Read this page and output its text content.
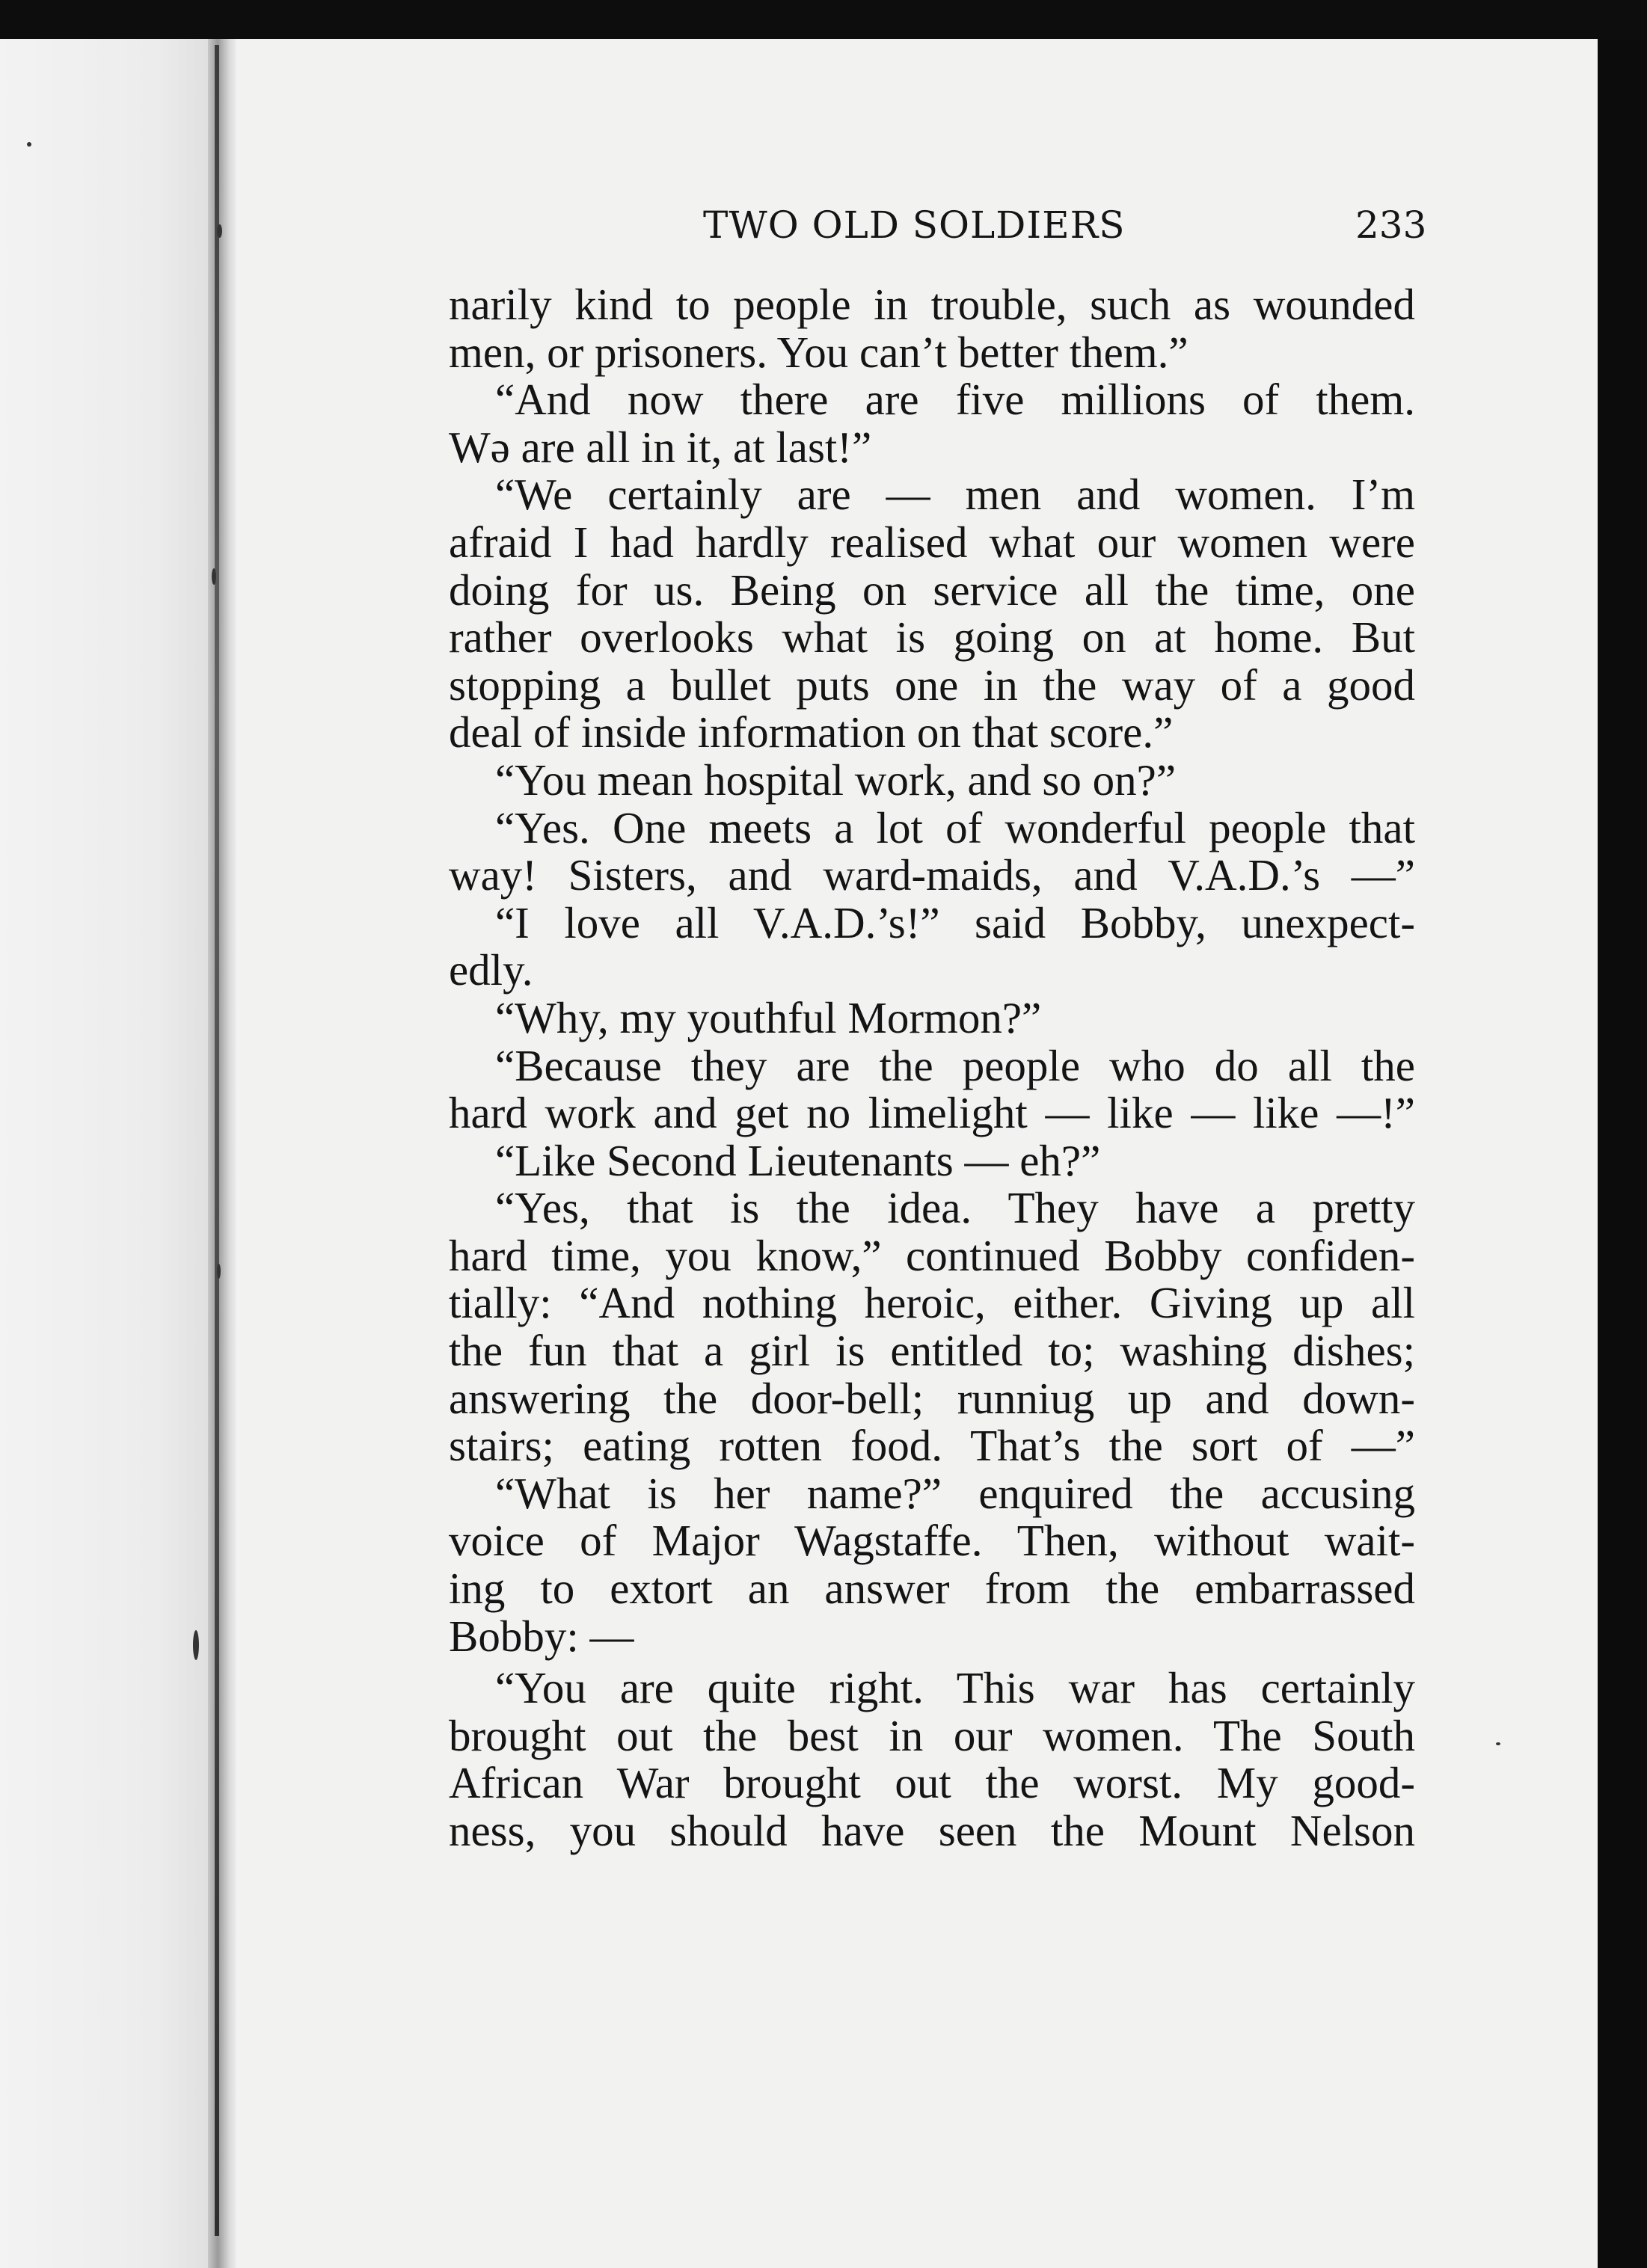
TWO OLD SOLDIERS	233
narily kind to people in trouble, such as wounded
men, or prisoners. You can’t better them.”
“And now there are five millions of them.
Wə are all in it, at last!”
“We certainly are — men and women. I’m
afraid I had hardly realised what our women were
doing for us. Being on service all the time, one
rather overlooks what is going on at home. But
stopping a bullet puts one in the way of a good
deal of inside information on that score.”
“You mean hospital work, and so on?”
“Yes. One meets a lot of wonderful people that
way! Sisters, and ward-maids, and V.A.D.’s —”
“I love all V.A.D.’s!” said Bobby, unexpect-
edly.
“Why, my youthful Mormon?”
“Because they are the people who do all the
hard work and get no limelight — like — like —!”
“Like Second Lieutenants — eh?”
“Yes, that is the idea. They have a pretty
hard time, you know,” continued Bobby confiden-
tially: “And nothing heroic, either. Giving up all
the fun that a girl is entitled to; washing dishes;
answering the door-bell; runniug up and down-
stairs; eating rotten food. That’s the sort of —”
“What is her name?” enquired the accusing
voice of Major Wagstaffe. Then, without wait-
ing to extort an answer from the embarrassed
Bobby: —
“You are quite right. This war has certainly
brought out the best in our women. The South
African War brought out the worst. My good-
ness, you should have seen the Mount Nelson
